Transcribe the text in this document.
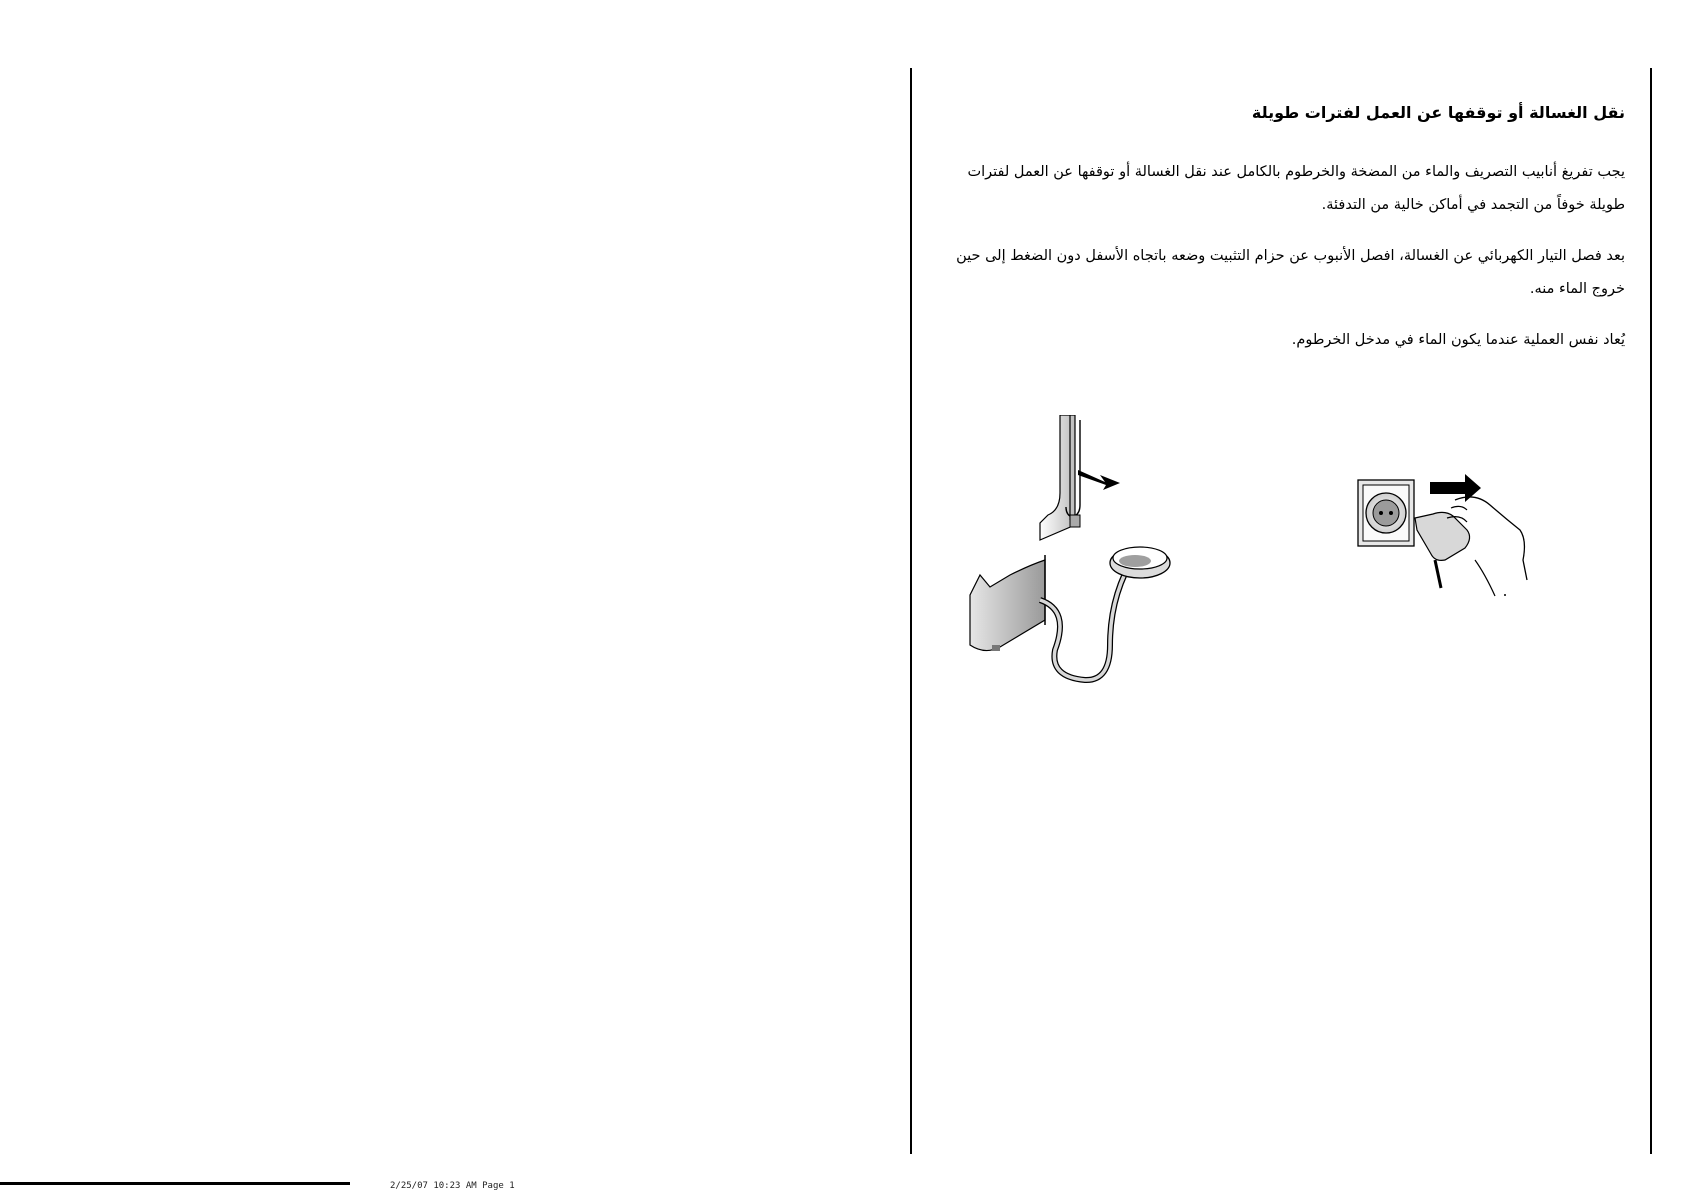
نقل الغسالة أو توقفها عن العمل لفترات طويلة

يجب تفريغ أنابيب التصريف والماء من المضخة والخرطوم بالكامل عند نقل الغسالة أو توقفها عن العمل لفترات طويلة خوفاً من التجمد في أماكن خالية من التدفئة.

بعد فصل التيار الكهربائي عن الغسالة، افصل الأنبوب عن حزام التثبيت وضعه باتجاه الأسفل دون الضغط إلى حين خروج الماء منه.

يُعاد نفس العملية عندما يكون الماء في مدخل الخرطوم.

2/25/07 10:23 AM Page 1
